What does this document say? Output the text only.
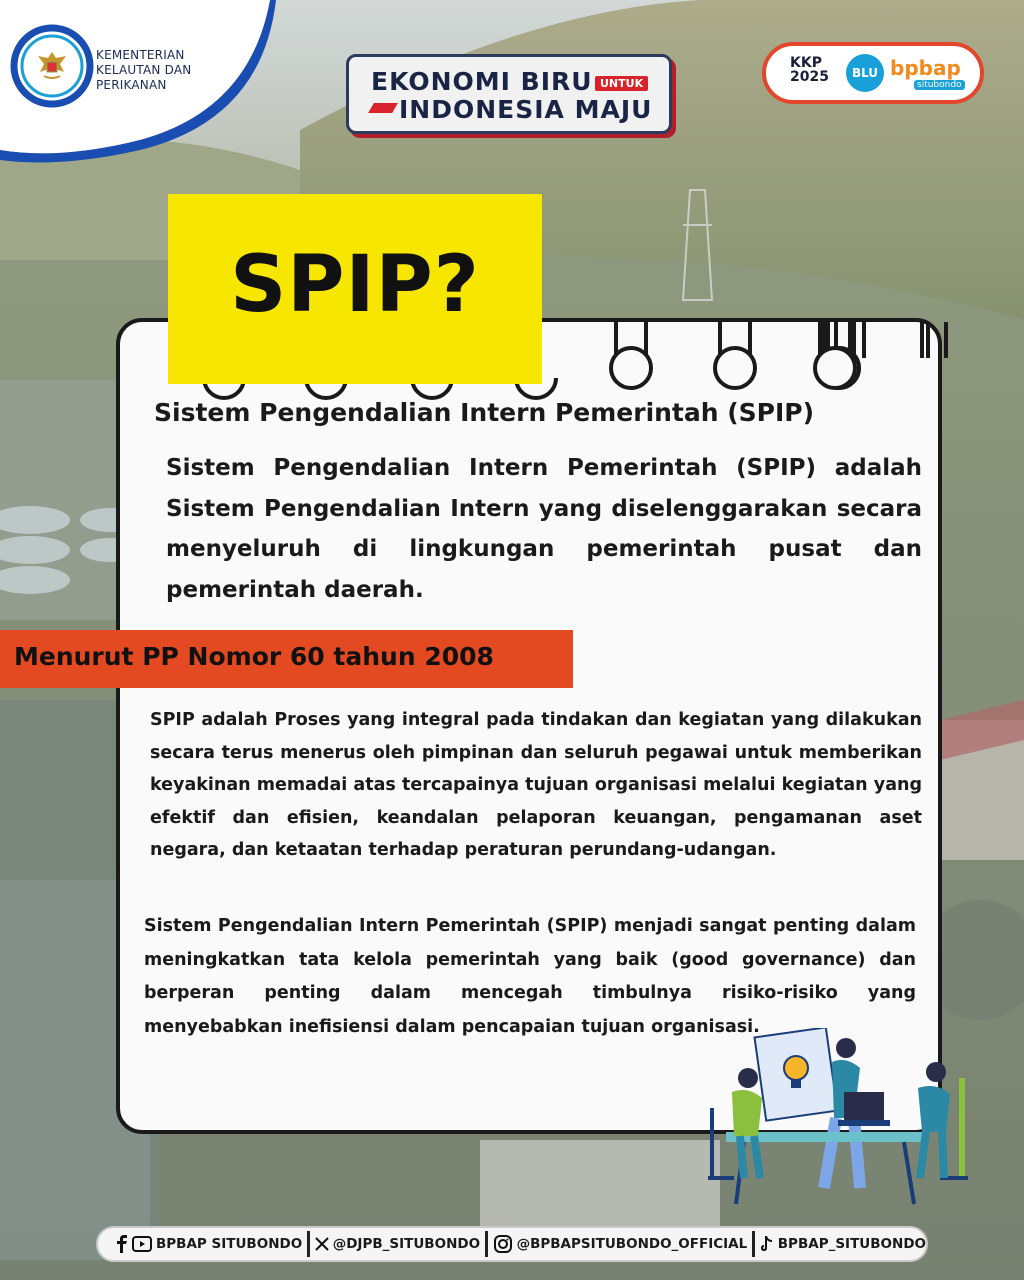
KEMENTERIAN
KELAUTAN DAN
PERIKANAN	EKONOMI BIRU UNTUK
INDONESIA MAJU
KKP
2025	BLU bpbap
situbondo
SPIP?
Sistem Pengendalian Intern Pemerintah (SPIP)
Sistem Pengendalian Intern Pemerintah (SPIP) adalah Sistem Pengendalian Intern yang diselenggarakan secara menyeluruh di lingkungan pemerintah pusat dan pemerintah daerah.
Menurut PP Nomor 60 tahun 2008
SPIP adalah Proses yang integral pada tindakan dan kegiatan yang dilakukan secara terus menerus oleh pimpinan dan seluruh pegawai untuk memberikan keyakinan memadai atas tercapainya tujuan organisasi melalui kegiatan yang efektif dan efisien, keandalan pelaporan keuangan, pengamanan aset negara, dan ketaatan terhadap peraturan perundang-udangan.
Sistem Pengendalian Intern Pemerintah (SPIP) menjadi sangat penting dalam meningkatkan tata kelola pemerintah yang baik (good governance) dan berperan penting dalam mencegah timbulnya risiko-risiko yang menyebabkan inefisiensi dalam pencapaian tujuan organisasi.
BPBAP SITUBONDO @DJPB_SITUBONDO	@BPBAPSITUBONDO_OFFICIAL BPBAP_SITUBONDO
